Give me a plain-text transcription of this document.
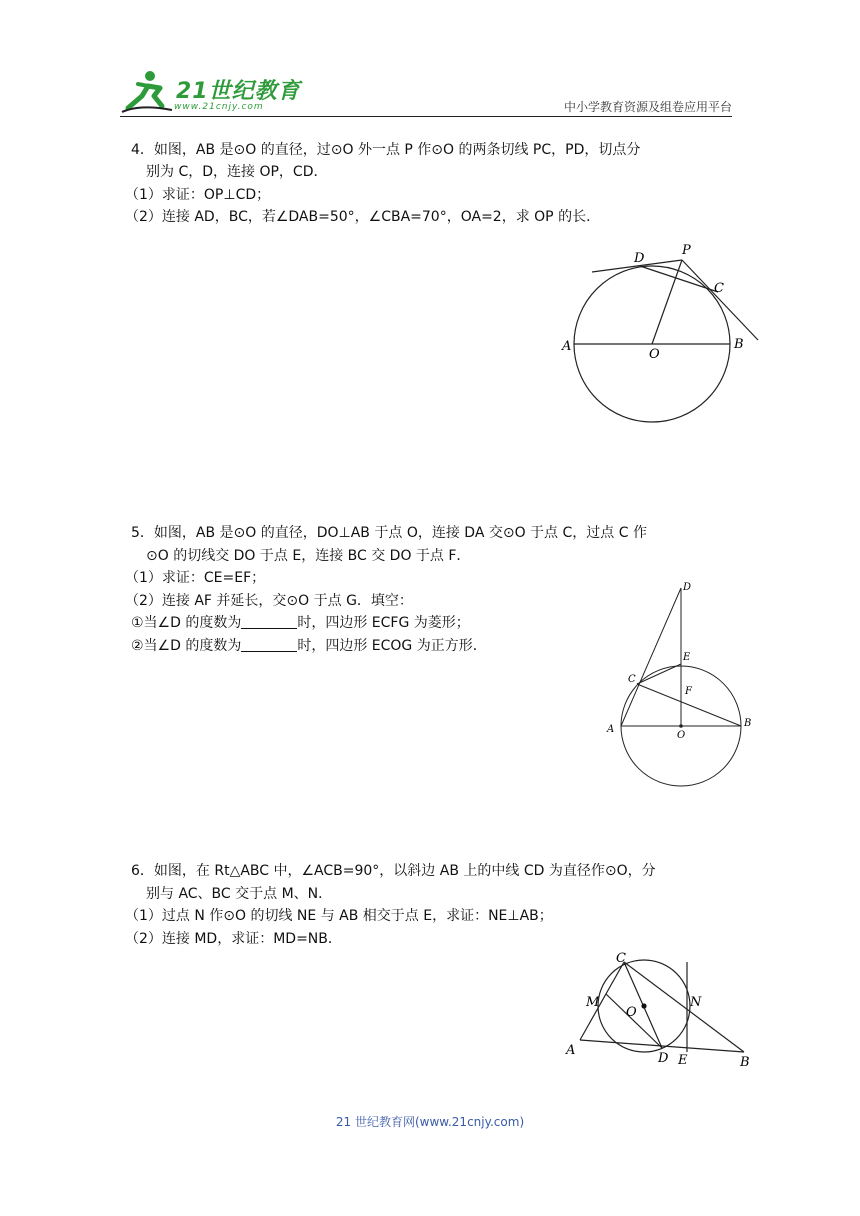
21世纪教育
www.21cnjy.com	中小学教育资源及组卷应用平台
4．如图，AB 是⊙O 的直径，过⊙O 外一点 P 作⊙O 的两条切线 PC，PD，切点分
别为 C，D，连接 OP，CD．
（1）求证：OP⊥CD；
（2）连接 AD，BC，若∠DAB=50°，∠CBA=70°，OA=2，求 OP 的长．
A	B
O
P
C
D
5．如图，AB 是⊙O 的直径，DO⊥AB 于点 O，连接 DA 交⊙O 于点 C，过点 C 作
⊙O 的切线交 DO 于点 E，连接 BC 交 DO 于点 F．
（1）求证：CE=EF；
（2）连接 AF 并延长，交⊙O 于点 G．填空：
①当∠D 的度数为	时，四边形 ECFG 为菱形；
②当∠D 的度数为	时，四边形 ECOG 为正方形．
A
B
O
C
D
E
F
6．如图，在 Rt△ABC 中，∠ACB=90°，以斜边 AB 上的中线 CD 为直径作⊙O，分
别与 AC、BC 交于点 M、N．
（1）过点 N 作⊙O 的切线 NE 与 AB 相交于点 E，求证：NE⊥AB；
（2）连接 MD，求证：MD=NB．
A
B
C
D E
M	N
O
21 世纪教育网(www.21cnjy.com)
